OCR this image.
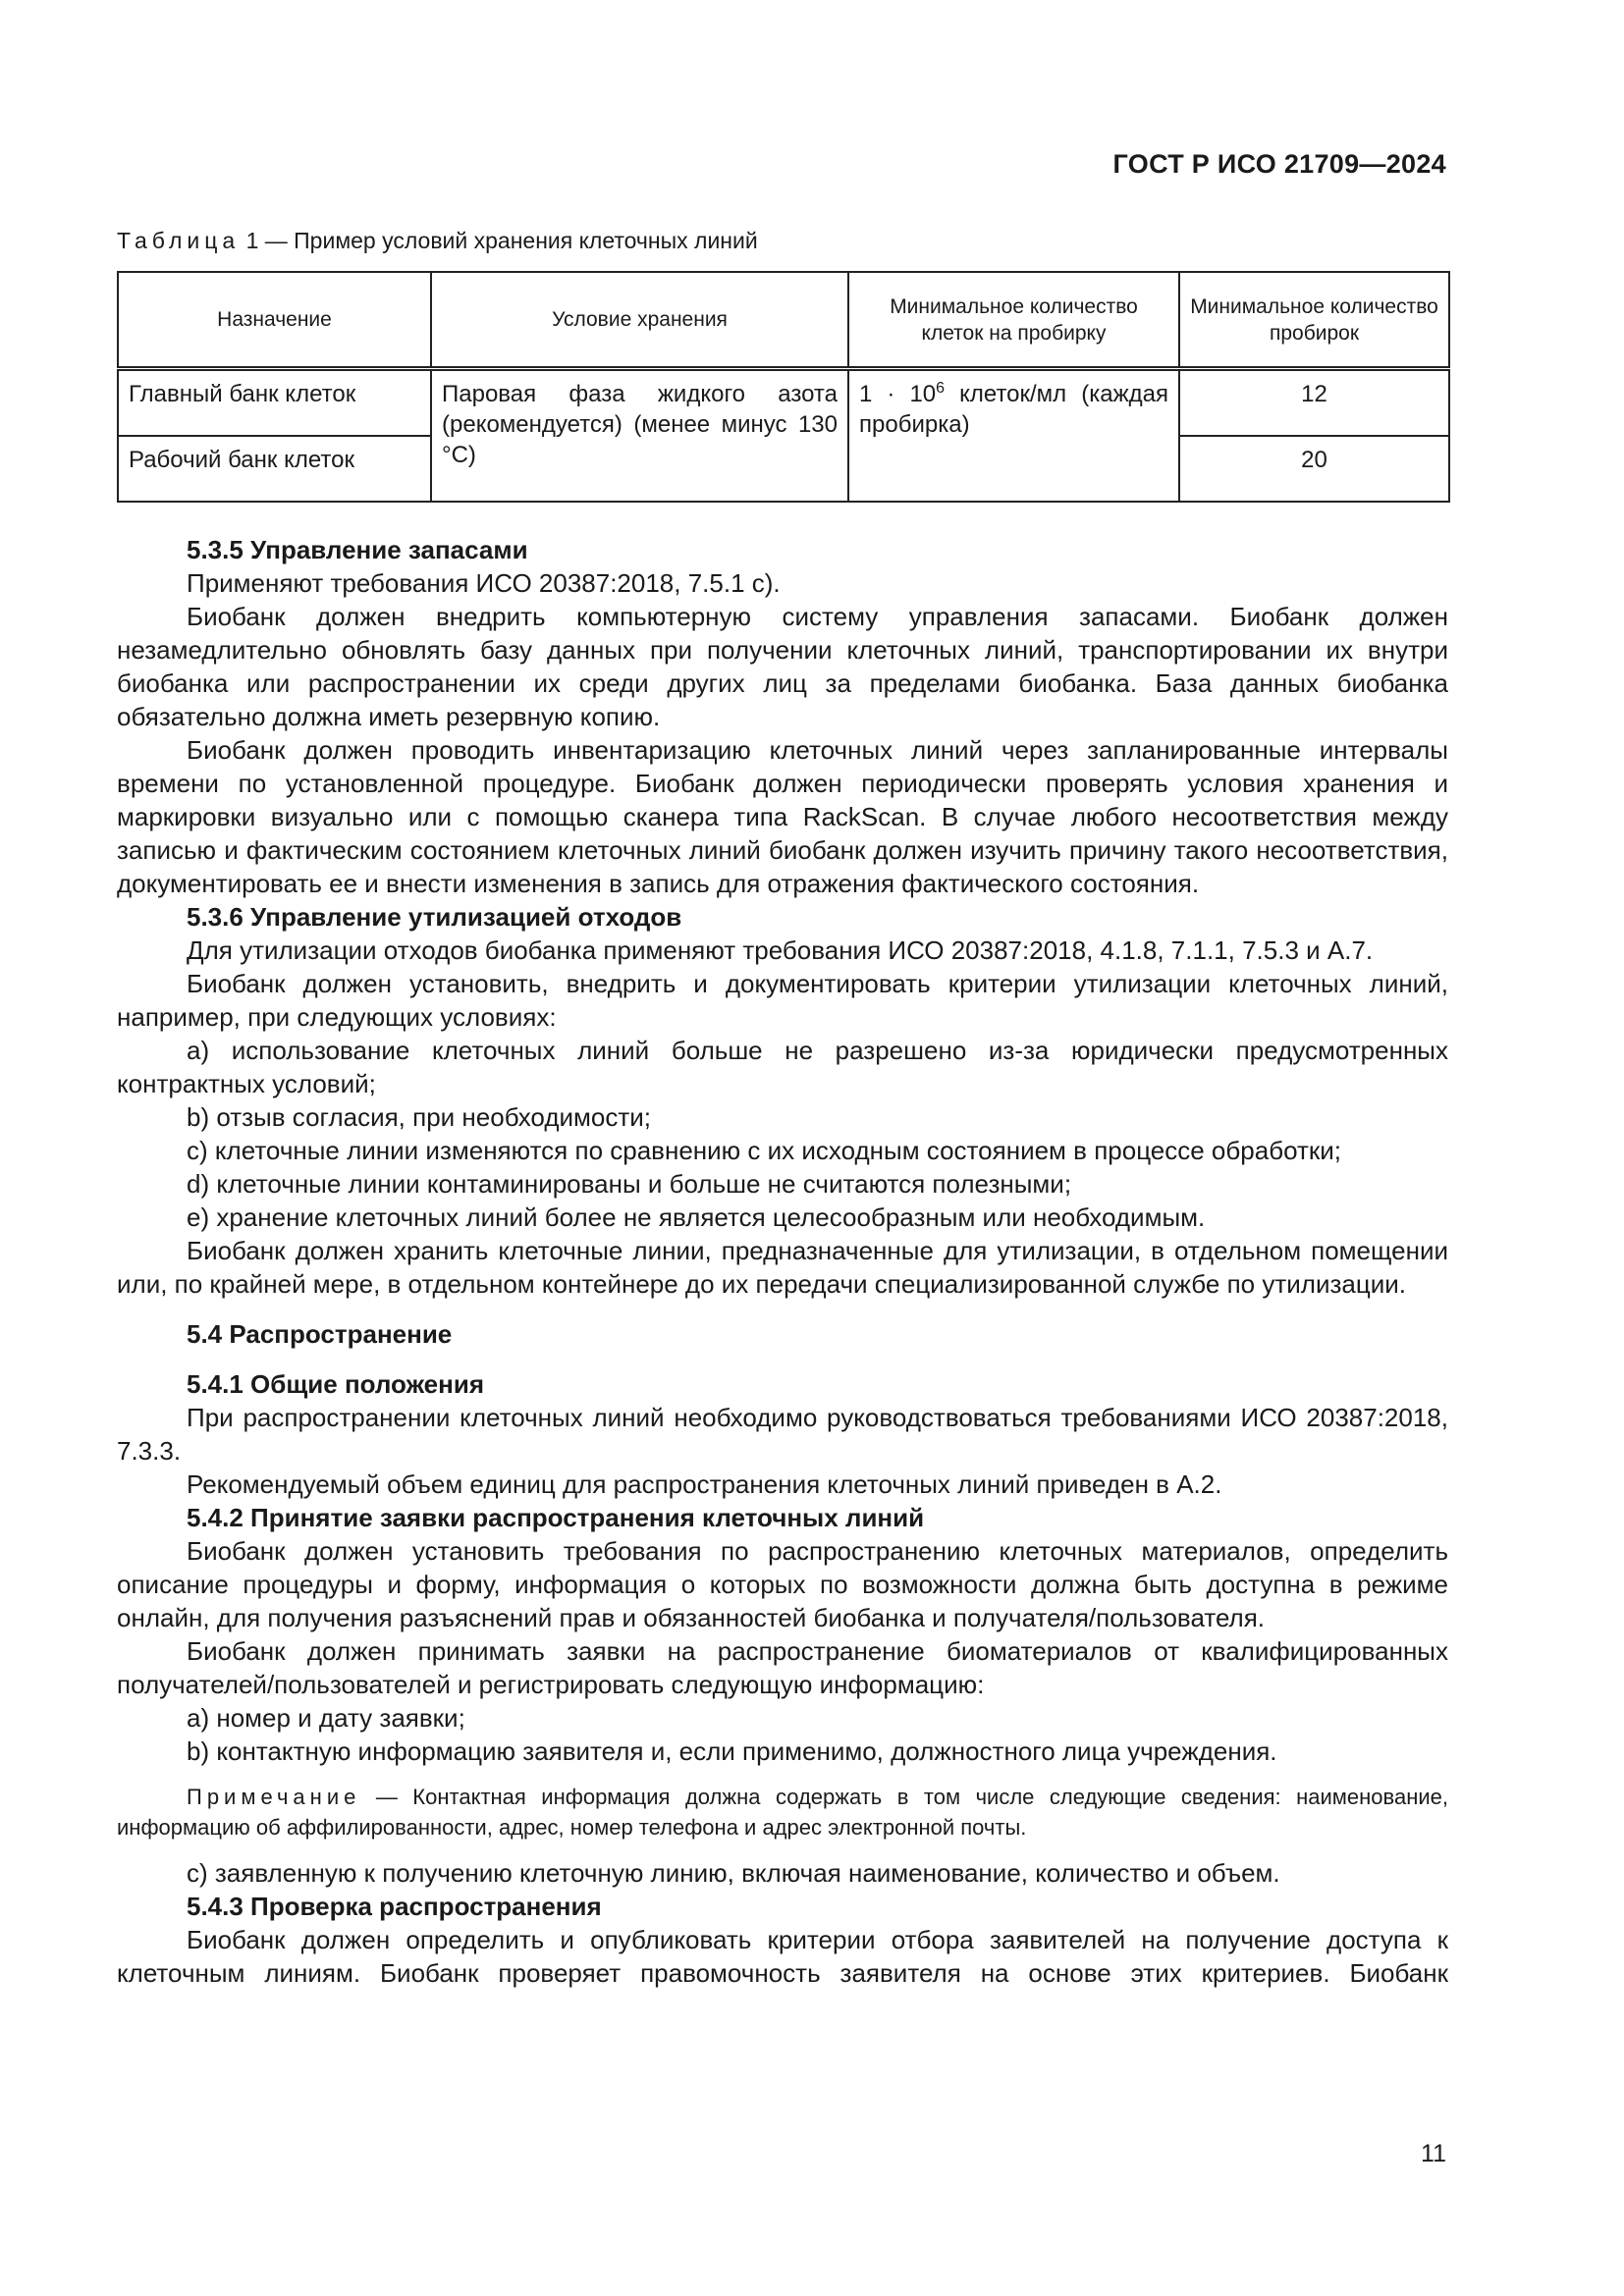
ГОСТ Р ИСО 21709—2024
Таблица 1 — Пример условий хранения клеточных линий
Назначение	Условие хранения	Минимальное количество клеток на пробирку	Минимальное количество пробирок
Главный банк клеток	Паровая фаза жидкого азота (рекомендуется) (менее минус 130 °С)	$1 \cdot 10^6$ клеток/мл (каждая пробирка)	12
Рабочий банк клеток			20

5.3.5 Управление запасами

Применяют требования ИСО 20387:2018, 7.5.1 с).

Биобанк должен внедрить компьютерную систему управления запасами. Биобанк должен незамедлительно обновлять базу данных при получении клеточных линий, транспортировании их внутри биобанка или распространении их среди других лиц за пределами биобанка. База данных биобанка обязательно должна иметь резервную копию.

Биобанк должен проводить инвентаризацию клеточных линий через запланированные интервалы времени по установленной процедуре. Биобанк должен периодически проверять условия хранения и маркировки визуально или с помощью сканера типа RackScan. В случае любого несоответствия между записью и фактическим состоянием клеточных линий биобанк должен изучить причину такого несоответствия, документировать ее и внести изменения в запись для отражения фактического состояния.

5.3.6 Управление утилизацией отходов

Для утилизации отходов биобанка применяют требования ИСО 20387:2018, 4.1.8, 7.1.1, 7.5.3 и А.7.

Биобанк должен установить, внедрить и документировать критерии утилизации клеточных линий, например, при следующих условиях:

a) использование клеточных линий больше не разрешено из-за юридически предусмотренных контрактных условий;

b) отзыв согласия, при необходимости;

c) клеточные линии изменяются по сравнению с их исходным состоянием в процессе обработки;

d) клеточные линии контаминированы и больше не считаются полезными;

e) хранение клеточных линий более не является целесообразным или необходимым.

Биобанк должен хранить клеточные линии, предназначенные для утилизации, в отдельном помещении или, по крайней мере, в отдельном контейнере до их передачи специализированной службе по утилизации.

5.4 Распространение

5.4.1 Общие положения

При распространении клеточных линий необходимо руководствоваться требованиями ИСО 20387:2018, 7.3.3.

Рекомендуемый объем единиц для распространения клеточных линий приведен в А.2.

5.4.2 Принятие заявки распространения клеточных линий

Биобанк должен установить требования по распространению клеточных материалов, определить описание процедуры и форму, информация о которых по возможности должна быть доступна в режиме онлайн, для получения разъяснений прав и обязанностей биобанка и получателя/пользователя.

Биобанк должен принимать заявки на распространение биоматериалов от квалифицированных получателей/пользователей и регистрировать следующую информацию:

a) номер и дату заявки;

b) контактную информацию заявителя и, если применимо, должностного лица учреждения.

Примечание — Контактная информация должна содержать в том числе следующие сведения: наименование, информацию об аффилированности, адрес, номер телефона и адрес электронной почты.

c) заявленную к получению клеточную линию, включая наименование, количество и объем.

5.4.3 Проверка распространения

Биобанк должен определить и опубликовать критерии отбора заявителей на получение доступа к клеточным линиям. Биобанк проверяет правомочность заявителя на основе этих критериев. Биобанк

11
